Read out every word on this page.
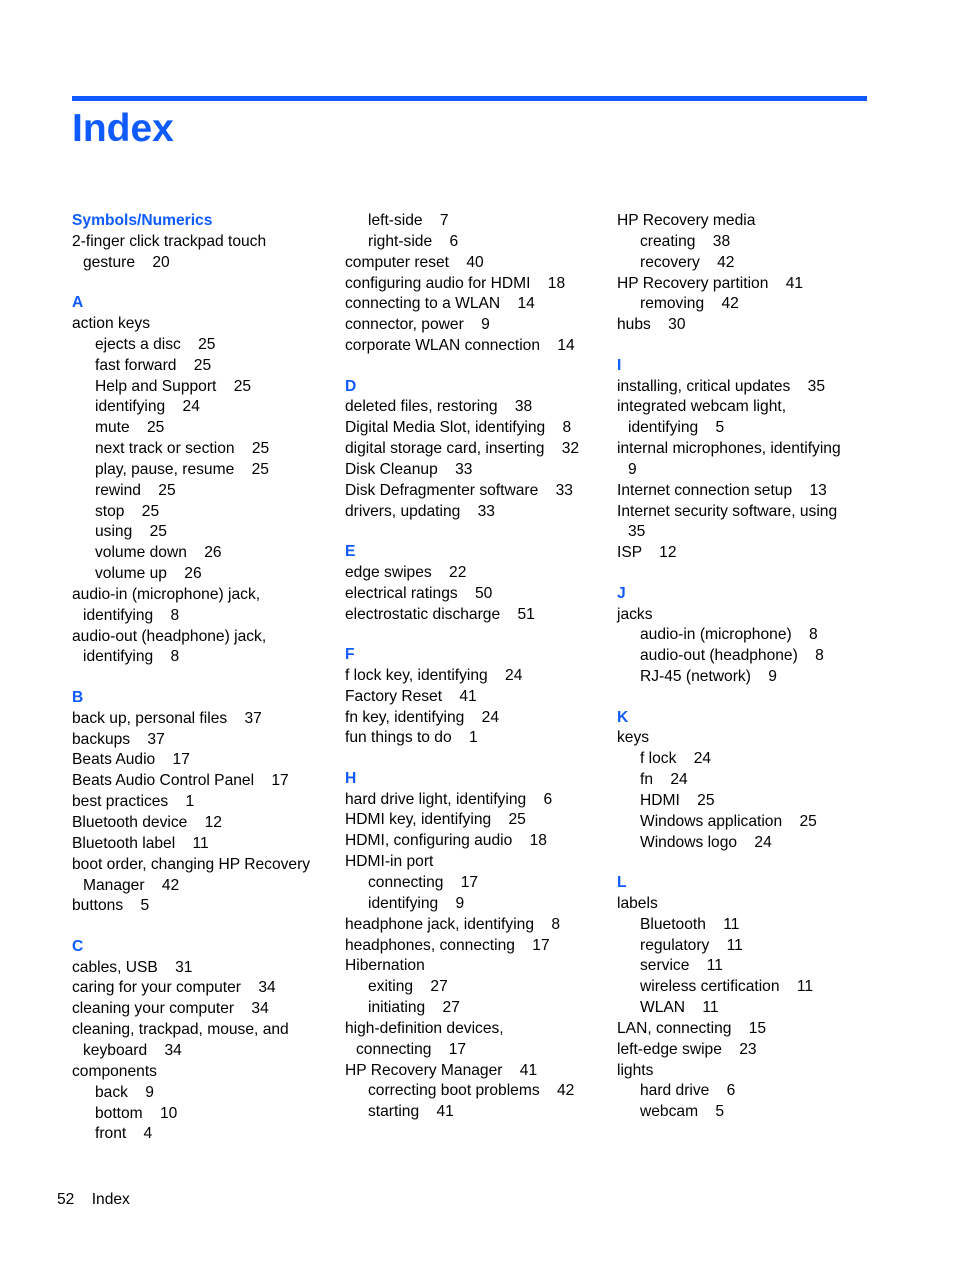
Index
Symbols/Numerics
2-finger click trackpad touch
gesture    20
A
action keys
ejects a disc    25
fast forward    25
Help and Support    25
identifying    24
mute    25
next track or section    25
play, pause, resume    25
rewind    25
stop    25
using    25
volume down    26
volume up    26
audio-in (microphone) jack,
identifying    8
audio-out (headphone) jack,
identifying    8
B
back up, personal files    37
backups    37
Beats Audio    17
Beats Audio Control Panel    17
best practices    1
Bluetooth device    12
Bluetooth label    11
boot order, changing HP Recovery
Manager    42
buttons    5
C
cables, USB    31
caring for your computer    34
cleaning your computer    34
cleaning, trackpad, mouse, and
keyboard    34
components
back    9
bottom    10
front    4
left-side    7
right-side    6
computer reset    40
configuring audio for HDMI    18
connecting to a WLAN    14
connector, power    9
corporate WLAN connection    14
D
deleted files, restoring    38
Digital Media Slot, identifying    8
digital storage card, inserting    32
Disk Cleanup    33
Disk Defragmenter software    33
drivers, updating    33
E
edge swipes    22
electrical ratings    50
electrostatic discharge    51
F
f lock key, identifying    24
Factory Reset    41
fn key, identifying    24
fun things to do    1
H
hard drive light, identifying    6
HDMI key, identifying    25
HDMI, configuring audio    18
HDMI-in port
connecting    17
identifying    9
headphone jack, identifying    8
headphones, connecting    17
Hibernation
exiting    27
initiating    27
high-definition devices,
connecting    17
HP Recovery Manager    41
correcting boot problems    42
starting    41
HP Recovery media
creating    38
recovery    42
HP Recovery partition    41
removing    42
hubs    30
I
installing, critical updates    35
integrated webcam light,
identifying    5
internal microphones, identifying
9
Internet connection setup    13
Internet security software, using
35
ISP    12
J
jacks
audio-in (microphone)    8
audio-out (headphone)    8
RJ-45 (network)    9
K
keys
f lock    24
fn    24
HDMI    25
Windows application    25
Windows logo    24
L
labels
Bluetooth    11
regulatory    11
service    11
wireless certification    11
WLAN    11
LAN, connecting    15
left-edge swipe    23
lights
hard drive    6
webcam    5
52 Index
